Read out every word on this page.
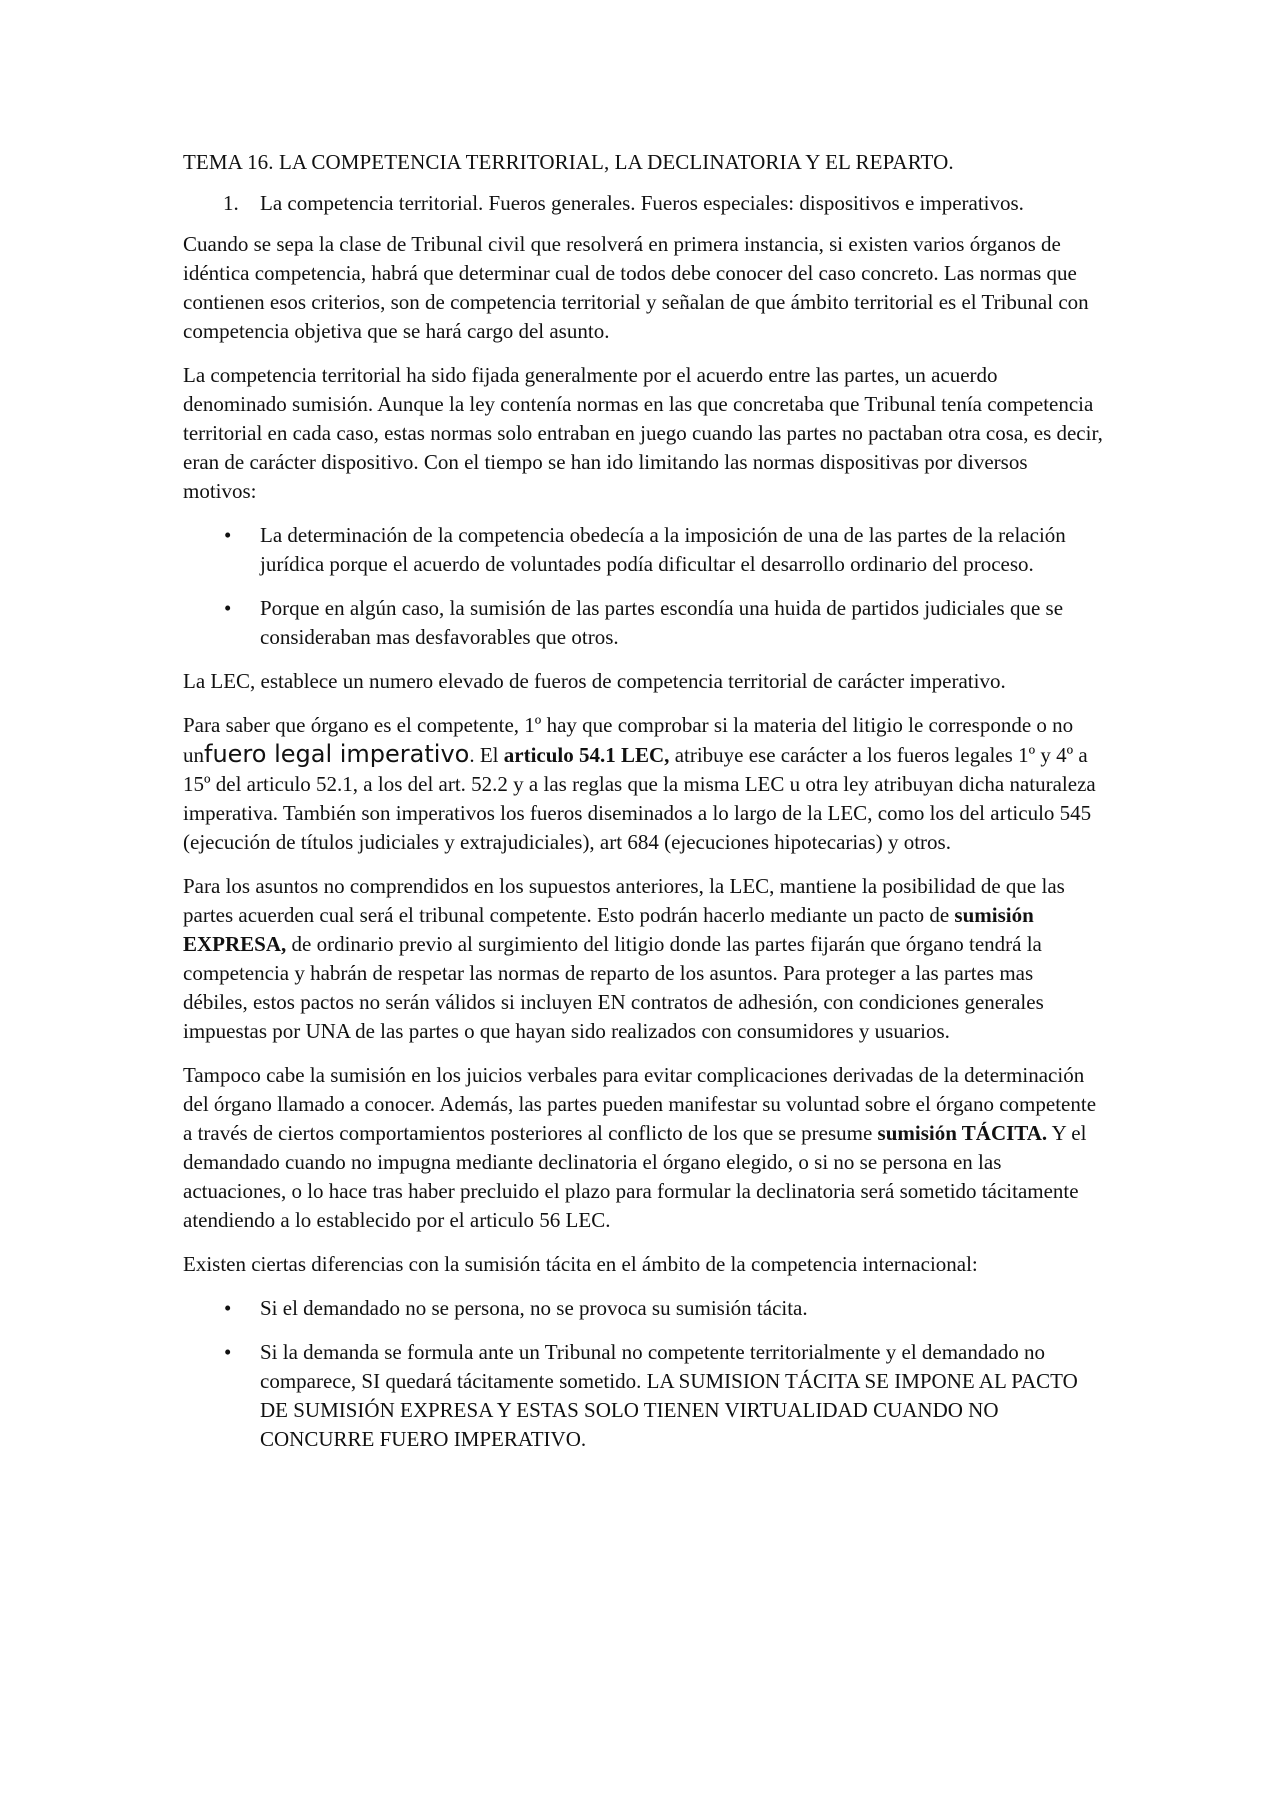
TEMA 16. LA COMPETENCIA TERRITORIAL, LA DECLINATORIA Y EL REPARTO.
1.	La competencia territorial. Fueros generales. Fueros especiales: dispositivos e imperativos.

Cuando se sepa la clase de Tribunal civil que resolverá en primera instancia, si existen varios órganos de idéntica competencia, habrá que determinar cual de todos debe conocer del caso concreto. Las normas que contienen esos criterios, son de competencia territorial y señalan de que ámbito territorial es el Tribunal con competencia objetiva que se hará cargo del asunto.

La competencia territorial ha sido fijada generalmente por el acuerdo entre las partes, un acuerdo denominado sumisión. Aunque la ley contenía normas en las que concretaba que Tribunal tenía competencia territorial en cada caso, estas normas solo entraban en juego cuando las partes no pactaban otra cosa, es decir, eran de carácter dispositivo. Con el tiempo se han ido limitando las normas dispositivas por diversos motivos:

•	La determinación de la competencia obedecía a la imposición de una de las partes de la relación jurídica porque el acuerdo de voluntades podía dificultar el desarrollo ordinario del proceso.
•	Porque en algún caso, la sumisión de las partes escondía una huida de partidos judiciales que se consideraban mas desfavorables que otros.

La LEC, establece un numero elevado de fueros de competencia territorial de carácter imperativo.

Para saber que órgano es el competente, 1º hay que comprobar si la materia del litigio le corresponde o no unfuero legal imperativo. El articulo 54.1 LEC, atribuye ese carácter a los fueros legales 1º y 4º a 15º del articulo 52.1, a los del art. 52.2 y a las reglas que la misma LEC u otra ley atribuyan dicha naturaleza imperativa. También son imperativos los fueros diseminados a lo largo de la LEC, como los del articulo 545 (ejecución de títulos judiciales y extrajudiciales), art 684 (ejecuciones hipotecarias) y otros.

Para los asuntos no comprendidos en los supuestos anteriores, la LEC, mantiene la posibilidad de que las partes acuerden cual será el tribunal competente. Esto podrán hacerlo mediante un pacto de sumisión EXPRESA, de ordinario previo al surgimiento del litigio donde las partes fijarán que órgano tendrá la competencia y habrán de respetar las normas de reparto de los asuntos. Para proteger a las partes mas débiles, estos pactos no serán válidos si incluyen EN contratos de adhesión, con condiciones generales impuestas por UNA de las partes o que hayan sido realizados con consumidores y usuarios.

Tampoco cabe la sumisión en los juicios verbales para evitar complicaciones derivadas de la determinación del órgano llamado a conocer. Además, las partes pueden manifestar su voluntad sobre el órgano competente a través de ciertos comportamientos posteriores al conflicto de los que se presume sumisión TÁCITA. Y el demandado cuando no impugna mediante declinatoria el órgano elegido, o si no se persona en las actuaciones, o lo hace tras haber precluido el plazo para formular la declinatoria será sometido tácitamente atendiendo a lo establecido por el articulo 56 LEC.

Existen ciertas diferencias con la sumisión tácita en el ámbito de la competencia internacional:

•	Si el demandado no se persona, no se provoca su sumisión tácita.
•	Si la demanda se formula ante un Tribunal no competente territorialmente y el demandado no comparece, SI quedará tácitamente sometido. LA SUMISION TÁCITA SE IMPONE AL PACTO DE SUMISIÓN EXPRESA Y ESTAS SOLO TIENEN VIRTUALIDAD CUANDO NO CONCURRE FUERO IMPERATIVO.
